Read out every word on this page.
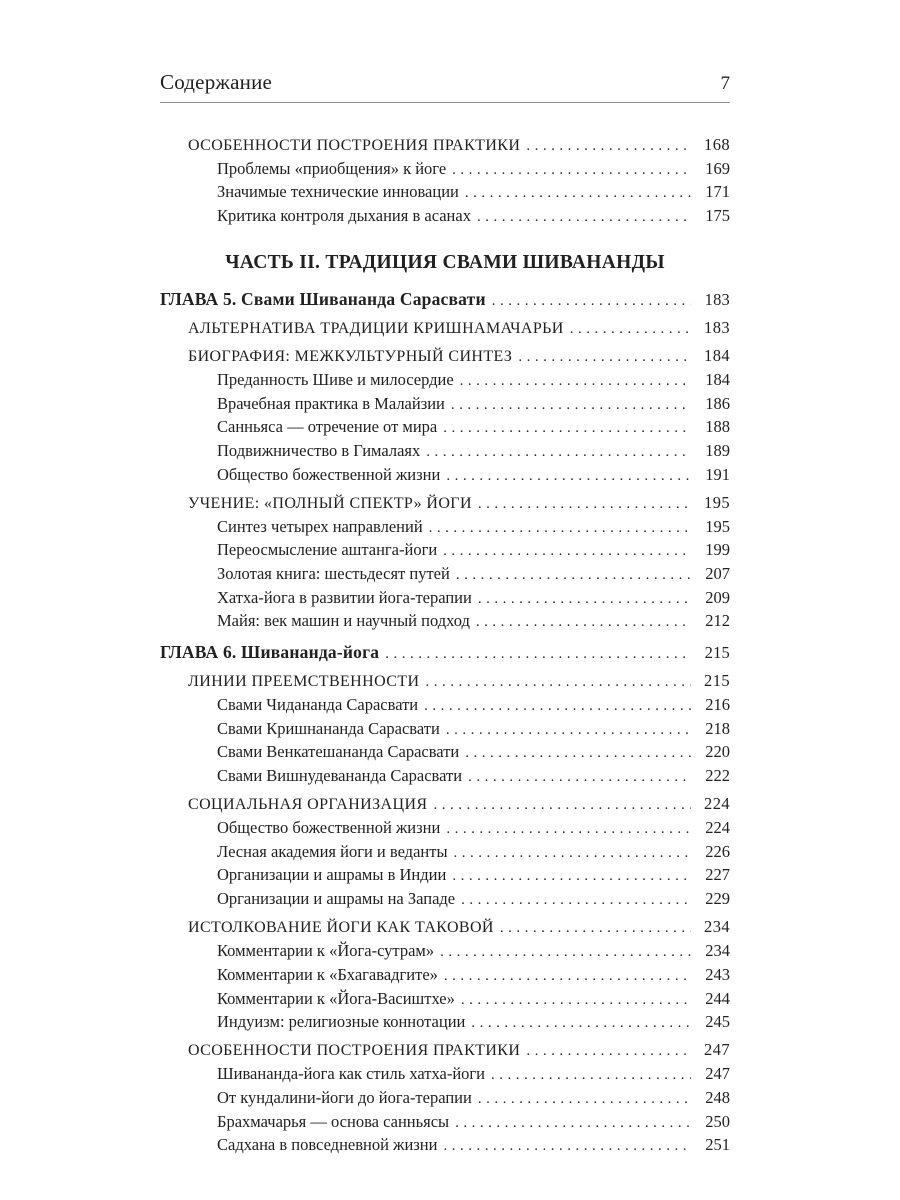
Содержание	7
ОСОБЕННОСТИ ПОСТРОЕНИЯ ПРАКТИКИ .....	168
Проблемы «приобщения» к йоге .....	169
Значимые технические инновации .....	171
Критика контроля дыхания в асанах .....	175
ЧАСТЬ II. ТРАДИЦИЯ СВАМИ ШИВАНАНДЫ
ГЛАВА 5. Свами Шивананда Сарасвати .....	183
АЛЬТЕРНАТИВА ТРАДИЦИИ КРИШНАМАЧАРЬИ .....	183
БИОГРАФИЯ: МЕЖКУЛЬТУРНЫЙ СИНТЕЗ .....	184
Преданность Шиве и милосердие .....	184
Врачебная практика в Малайзии .....	186
Санньяса — отречение от мира .....	188
Подвижничество в Гималаях .....	189
Общество божественной жизни .....	191
УЧЕНИЕ: «ПОЛНЫЙ СПЕКТР» ЙОГИ .....	195
Синтез четырех направлений .....	195
Переосмысление аштанга-йоги .....	199
Золотая книга: шестьдесят путей .....	207
Хатха-йога в развитии йога-терапии .....	209
Майя: век машин и научный подход .....	212
ГЛАВА 6. Шивананда-йога .....	215
ЛИНИИ ПРЕЕМСТВЕННОСТИ .....	215
Свами Чидананда Сарасвати .....	216
Свами Кришнананда Сарасвати .....	218
Свами Венкатешананда Сарасвати .....	220
Свами Вишнудевананда Сарасвати .....	222
СОЦИАЛЬНАЯ ОРГАНИЗАЦИЯ .....	224
Общество божественной жизни .....	224
Лесная академия йоги и веданты .....	226
Организации и ашрамы в Индии .....	227
Организации и ашрамы на Западе .....	229
ИСТОЛКОВАНИЕ ЙОГИ КАК ТАКОВОЙ .....	234
Комментарии к «Йога-сутрам» .....	234
Комментарии к «Бхагавадгите» .....	243
Комментарии к «Йога-Васиштхе» .....	244
Индуизм: религиозные коннотации .....	245
ОСОБЕННОСТИ ПОСТРОЕНИЯ ПРАКТИКИ .....	247
Шивананда-йога как стиль хатха-йоги .....	247
От кундалини-йоги до йога-терапии .....	248
Брахмачарья — основа санньясы .....	250
Садхана в повседневной жизни .....	251
